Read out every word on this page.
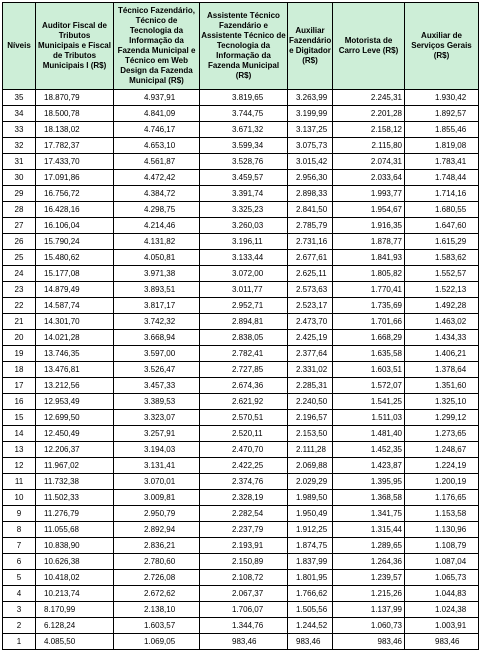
Níveis	Auditor Fiscal de Tributos Municipais e Fiscal de Tributos Municipais I (R$)	Técnico Fazendário, Técnico de Tecnologia da Informação da Fazenda Municipal e Técnico em Web Design da Fazenda Municipal (R$)	Assistente Técnico Fazendário e Assistente Técnico de Tecnologia da Informação da Fazenda Municipal (R$)	Auxiliar Fazendário e Digitador (R$)	Motorista de Carro Leve (R$)	Auxiliar de Serviços Gerais (R$)
35	18.870,79	4.937,91	3.819,65	3.263,99	2.245,31	1.930,42
34	18.500,78	4.841,09	3.744,75	3.199,99	2.201,28	1.892,57
33	18.138,02	4.746,17	3.671,32	3.137,25	2.158,12	1.855,46
32	17.782,37	4.653,10	3.599,34	3.075,73	2.115,80	1.819,08
31	17.433,70	4.561,87	3.528,76	3.015,42	2.074,31	1.783,41
30	17.091,86	4.472,42	3.459,57	2.956,30	2.033,64	1.748,44
29	16.756,72	4.384,72	3.391,74	2.898,33	1.993,77	1.714,16
28	16.428,16	4.298,75	3.325,23	2.841,50	1.954,67	1.680,55
27	16.106,04	4.214,46	3.260,03	2.785,79	1.916,35	1.647,60
26	15.790,24	4.131,82	3.196,11	2.731,16	1.878,77	1.615,29
25	15.480,62	4.050,81	3.133,44	2.677,61	1.841,93	1.583,62
24	15.177,08	3.971,38	3.072,00	2.625,11	1.805,82	1.552,57
23	14.879,49	3.893,51	3.011,77	2.573,63	1.770,41	1.522,13
22	14.587,74	3.817,17	2.952,71	2.523,17	1.735,69	1.492,28
21	14.301,70	3.742,32	2.894,81	2.473,70	1.701,66	1.463,02
20	14.021,28	3.668,94	2.838,05	2.425,19	1.668,29	1.434,33
19	13.746,35	3.597,00	2.782,41	2.377,64	1.635,58	1.406,21
18	13.476,81	3.526,47	2.727,85	2.331,02	1.603,51	1.378,64
17	13.212,56	3.457,33	2.674,36	2.285,31	1.572,07	1.351,60
16	12.953,49	3.389,53	2.621,92	2.240,50	1.541,25	1.325,10
15	12.699,50	3.323,07	2.570,51	2.196,57	1.511,03	1.299,12
14	12.450,49	3.257,91	2.520,11	2.153,50	1.481,40	1.273,65
13	12.206,37	3.194,03	2.470,70	2.111,28	1.452,35	1.248,67
12	11.967,02	3.131,41	2.422,25	2.069,88	1.423,87	1.224,19
11	11.732,38	3.070,01	2.374,76	2.029,29	1.395,95	1.200,19
10	11.502,33	3.009,81	2.328,19	1.989,50	1.368,58	1.176,65
9	11.276,79	2.950,79	2.282,54	1.950,49	1.341,75	1.153,58
8	11.055,68	2.892,94	2.237,79	1.912,25	1.315,44	1.130,96
7	10.838,90	2.836,21	2.193,91	1.874,75	1.289,65	1.108,79
6	10.626,38	2.780,60	2.150,89	1.837,99	1.264,36	1.087,04
5	10.418,02	2.726,08	2.108,72	1.801,95	1.239,57	1.065,73
4	10.213,74	2.672,62	2.067,37	1.766,62	1.215,26	1.044,83
3	8.170,99	2.138,10	1.706,07	1.505,56	1.137,99	1.024,38
2	6.128,24	1.603,57	1.344,76	1.244,52	1.060,73	1.003,91
1	4.085,50	1.069,05	983,46	983,46	983,46	983,46
